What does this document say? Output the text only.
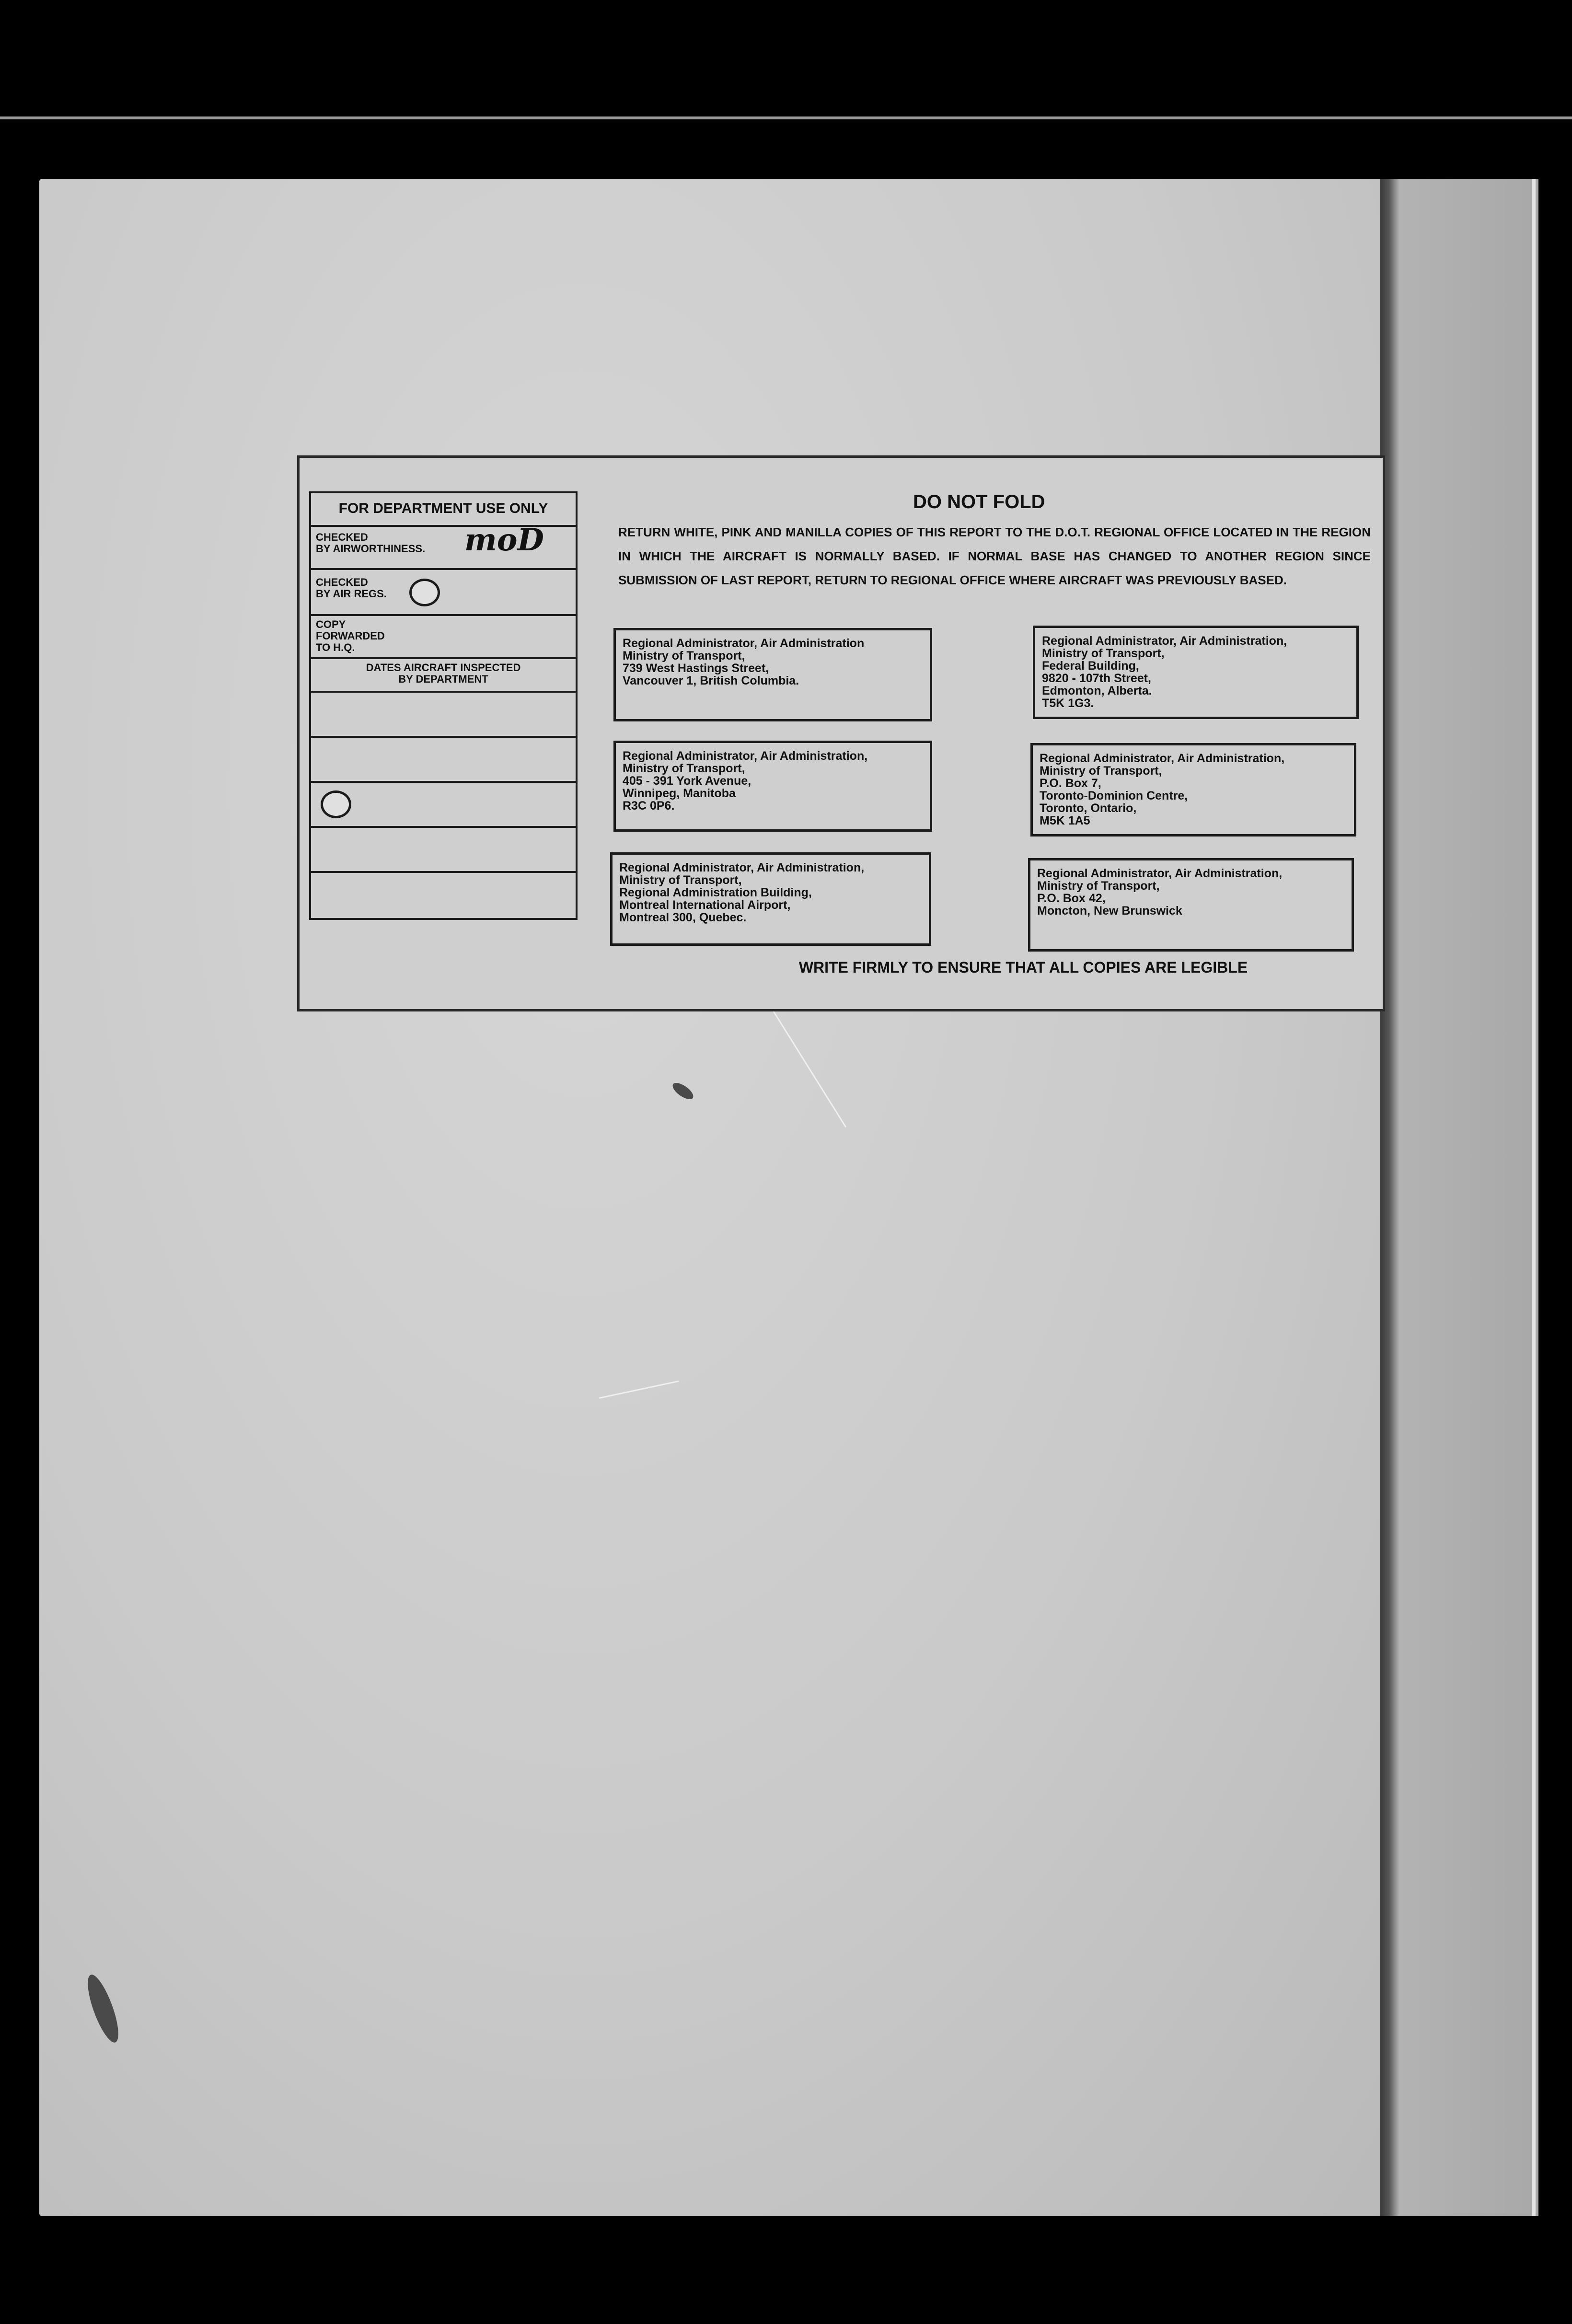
FOR DEPARTMENT USE ONLY
CHECKED
BY AIRWORTHINESS.	moD
CHECKED
BY AIR REGS.
COPY
FORWARDED
TO H.Q.
DATES AIRCRAFT INSPECTED
BY DEPARTMENT
DO NOT FOLD
RETURN WHITE, PINK AND MANILLA COPIES OF THIS REPORT TO THE D.O.T. REGIONAL OFFICE LOCATED IN THE REGION IN WHICH THE AIRCRAFT IS NORMALLY BASED. IF NORMAL BASE HAS CHANGED TO ANOTHER REGION SINCE SUBMISSION OF LAST REPORT, RETURN TO REGIONAL OFFICE WHERE AIRCRAFT WAS PREVIOUSLY BASED.
Regional Administrator, Air Administration
Ministry of Transport,
739 West Hastings Street,
Vancouver 1, British Columbia.
Regional Administrator, Air Administration,
Ministry of Transport,
Federal Building,
9820 - 107th Street,
Edmonton, Alberta.
T5K 1G3.
Regional Administrator, Air Administration,
Ministry of Transport,
405 - 391 York Avenue,
Winnipeg, Manitoba
R3C 0P6.
Regional Administrator, Air Administration,
Ministry of Transport,
P.O. Box 7,
Toronto-Dominion Centre,
Toronto, Ontario,
M5K 1A5
Regional Administrator, Air Administration,
Ministry of Transport,
Regional Administration Building,
Montreal International Airport,
Montreal 300, Quebec.
Regional Administrator, Air Administration,
Ministry of Transport,
P.O. Box 42,
Moncton, New Brunswick
WRITE FIRMLY TO ENSURE THAT ALL COPIES ARE LEGIBLE
